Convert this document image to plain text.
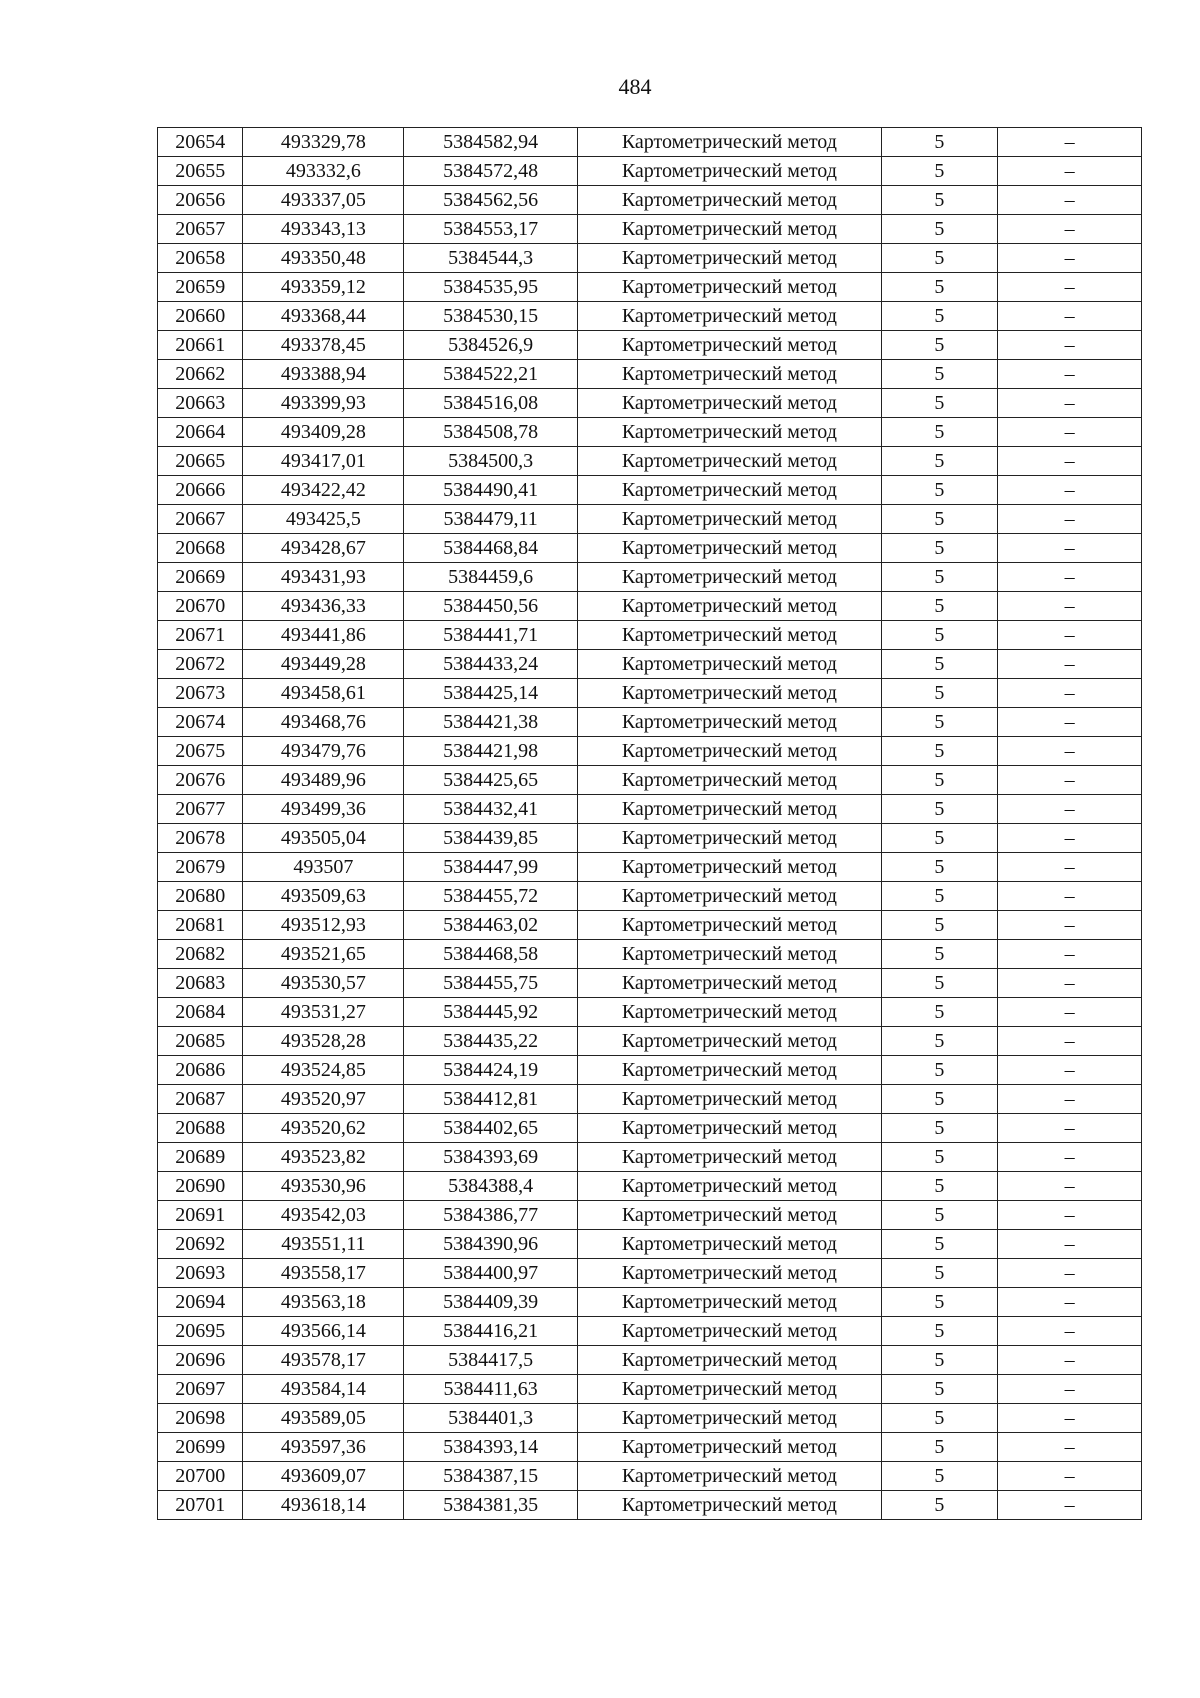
484
20654	493329,78	5384582,94	Картометрический метод	5	–
20655	493332,6	5384572,48	Картометрический метод	5	–
20656	493337,05	5384562,56	Картометрический метод	5	–
20657	493343,13	5384553,17	Картометрический метод	5	–
20658	493350,48	5384544,3	Картометрический метод	5	–
20659	493359,12	5384535,95	Картометрический метод	5	–
20660	493368,44	5384530,15	Картометрический метод	5	–
20661	493378,45	5384526,9	Картометрический метод	5	–
20662	493388,94	5384522,21	Картометрический метод	5	–
20663	493399,93	5384516,08	Картометрический метод	5	–
20664	493409,28	5384508,78	Картометрический метод	5	–
20665	493417,01	5384500,3	Картометрический метод	5	–
20666	493422,42	5384490,41	Картометрический метод	5	–
20667	493425,5	5384479,11	Картометрический метод	5	–
20668	493428,67	5384468,84	Картометрический метод	5	–
20669	493431,93	5384459,6	Картометрический метод	5	–
20670	493436,33	5384450,56	Картометрический метод	5	–
20671	493441,86	5384441,71	Картометрический метод	5	–
20672	493449,28	5384433,24	Картометрический метод	5	–
20673	493458,61	5384425,14	Картометрический метод	5	–
20674	493468,76	5384421,38	Картометрический метод	5	–
20675	493479,76	5384421,98	Картометрический метод	5	–
20676	493489,96	5384425,65	Картометрический метод	5	–
20677	493499,36	5384432,41	Картометрический метод	5	–
20678	493505,04	5384439,85	Картометрический метод	5	–
20679	493507	5384447,99	Картометрический метод	5	–
20680	493509,63	5384455,72	Картометрический метод	5	–
20681	493512,93	5384463,02	Картометрический метод	5	–
20682	493521,65	5384468,58	Картометрический метод	5	–
20683	493530,57	5384455,75	Картометрический метод	5	–
20684	493531,27	5384445,92	Картометрический метод	5	–
20685	493528,28	5384435,22	Картометрический метод	5	–
20686	493524,85	5384424,19	Картометрический метод	5	–
20687	493520,97	5384412,81	Картометрический метод	5	–
20688	493520,62	5384402,65	Картометрический метод	5	–
20689	493523,82	5384393,69	Картометрический метод	5	–
20690	493530,96	5384388,4	Картометрический метод	5	–
20691	493542,03	5384386,77	Картометрический метод	5	–
20692	493551,11	5384390,96	Картометрический метод	5	–
20693	493558,17	5384400,97	Картометрический метод	5	–
20694	493563,18	5384409,39	Картометрический метод	5	–
20695	493566,14	5384416,21	Картометрический метод	5	–
20696	493578,17	5384417,5	Картометрический метод	5	–
20697	493584,14	5384411,63	Картометрический метод	5	–
20698	493589,05	5384401,3	Картометрический метод	5	–
20699	493597,36	5384393,14	Картометрический метод	5	–
20700	493609,07	5384387,15	Картометрический метод	5	–
20701	493618,14	5384381,35	Картометрический метод	5	–
